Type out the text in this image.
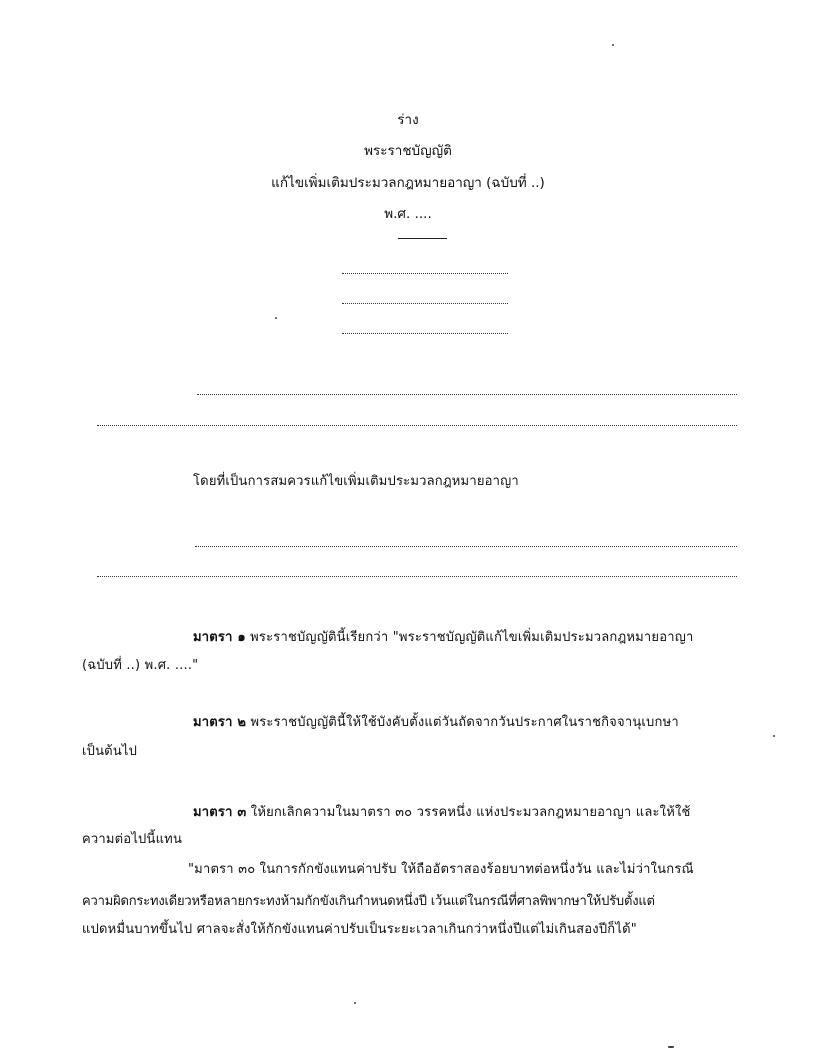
ร่าง
พระราชบัญญัติ
แก้ไขเพิ่มเติมประมวลกฎหมายอาญา (ฉบับที่ ..)
พ.ศ. ....
โดยที่เป็นการสมควรแก้ไขเพิ่มเติมประมวลกฎหมายอาญา
มาตรา ๑ พระราชบัญญัตินี้เรียกว่า "พระราชบัญญัติแก้ไขเพิ่มเติมประมวลกฎหมายอาญา
(ฉบับที่ ..) พ.ศ. ...."
มาตรา ๒ พระราชบัญญัตินี้ให้ใช้บังคับตั้งแต่วันถัดจากวันประกาศในราชกิจจานุเบกษา
เป็นต้นไป
มาตรา ๓ ให้ยกเลิกความในมาตรา ๓๐ วรรคหนึ่ง แห่งประมวลกฎหมายอาญา และให้ใช้
ความต่อไปนี้แทน
"มาตรา ๓๐ ในการกักขังแทนค่าปรับ ให้ถืออัตราสองร้อยบาทต่อหนึ่งวัน และไม่ว่าในกรณี
ความผิดกระทงเดียวหรือหลายกระทงห้ามกักขังเกินกำหนดหนึ่งปี เว้นแต่ในกรณีที่ศาลพิพากษาให้ปรับตั้งแต่
แปดหมื่นบาทขึ้นไป ศาลจะสั่งให้กักขังแทนค่าปรับเป็นระยะเวลาเกินกว่าหนึ่งปีแต่ไม่เกินสองปีก็ได้"
